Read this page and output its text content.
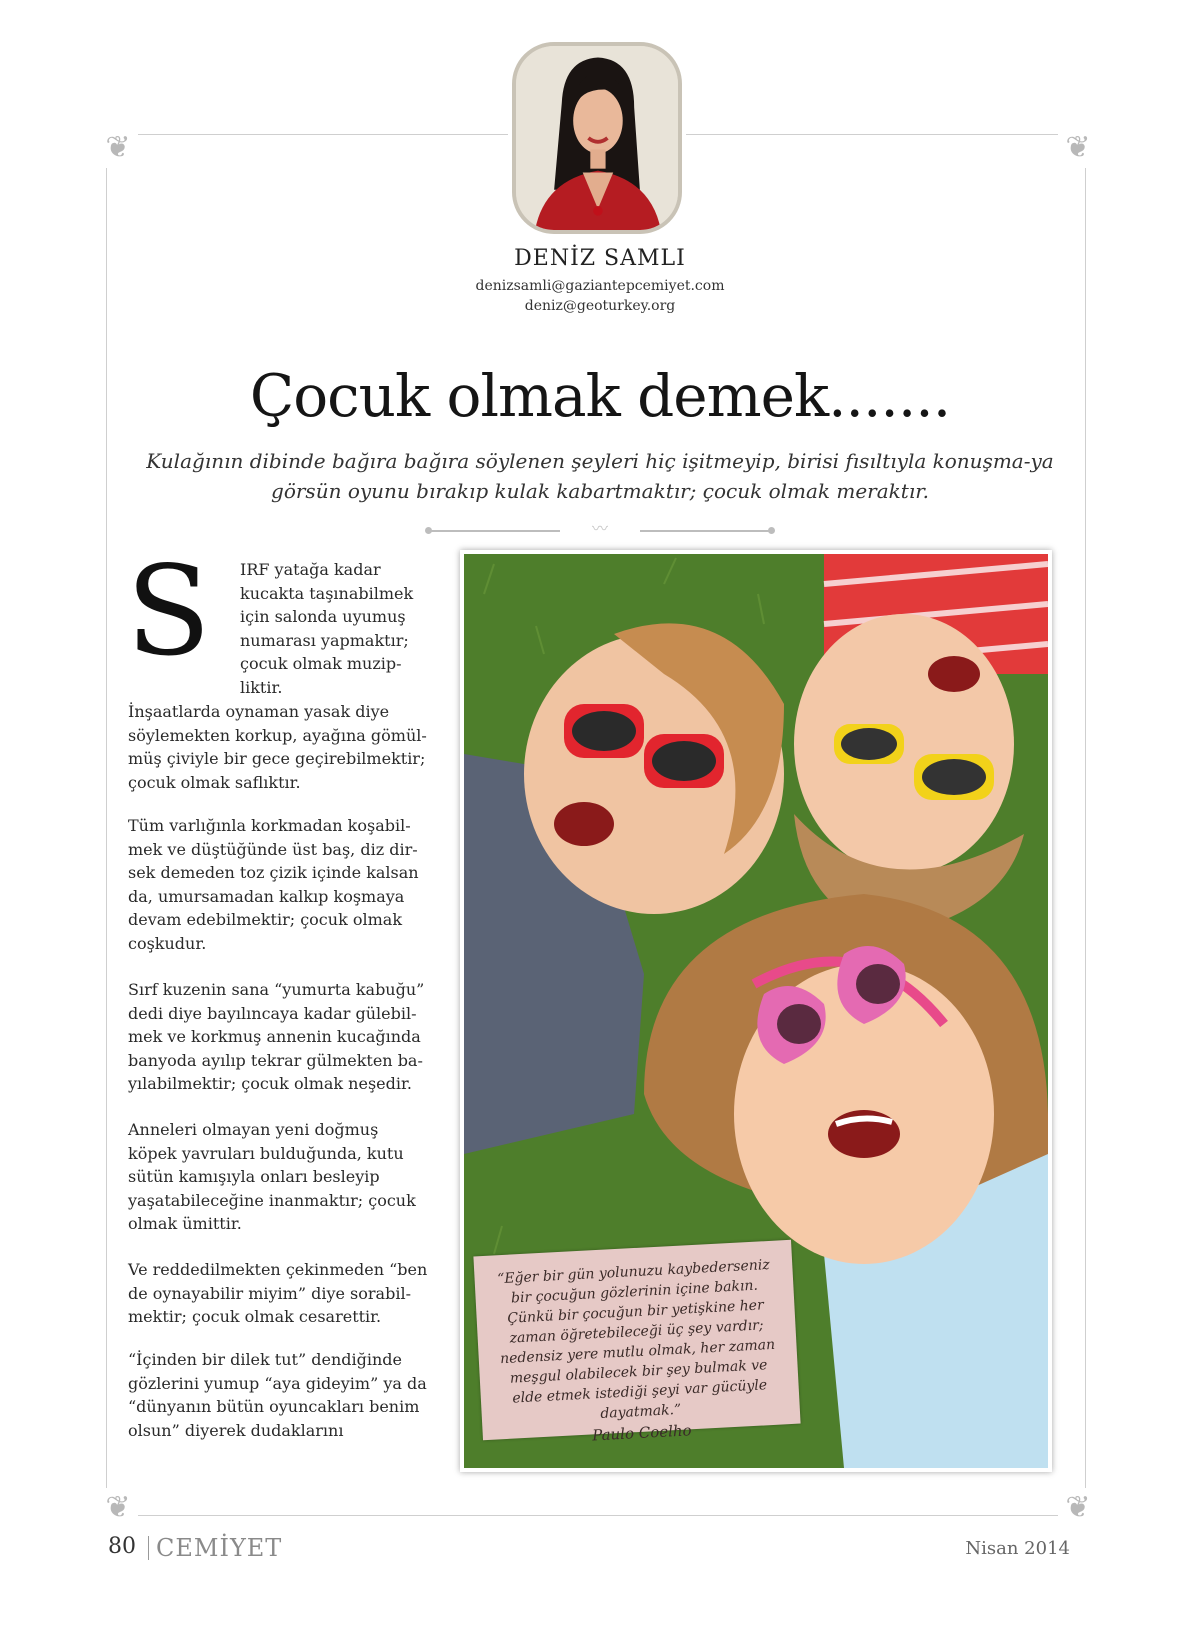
❦	❦
❦	❦
DENİZ SAMLI
denizsamli@gaziantepcemiyet.com
deniz@geoturkey.org
Çocuk olmak demek.......

Kulağının dibinde bağıra bağıra söylenen şeyleri hiç işitmeyip, birisi fısıltıyla konuşma-ya görsün oyunu bırakıp kulak kabartmaktır; çocuk olmak meraktır.

〰
S IRF yatağa kadar kucakta taşınabilmek için salonda uyumuş numarası yapmaktır; çocuk olmak muzip-liktir.

İnşaatlarda oynaman yasak diye söylemekten korkup, ayağına gömül-müş çiviyle bir gece geçirebilmektir; çocuk olmak saflıktır.

Tüm varlığınla korkmadan koşabil-mek ve düştüğünde üst baş, diz dir-sek demeden toz çizik içinde kalsan da, umursamadan kalkıp koşmaya devam edebilmektir; çocuk olmak coşkudur.

Sırf kuzenin sana “yumurta kabuğu” dedi diye bayılıncaya kadar gülebil-mek ve korkmuş annenin kucağında banyoda ayılıp tekrar gülmekten ba-yılabilmektir; çocuk olmak neşedir.

Anneleri olmayan yeni doğmuş köpek yavruları bulduğunda, kutu sütün kamışıyla onları besleyip yaşatabileceğine inanmaktır; çocuk olmak ümittir.

Ve reddedilmekten çekinmeden “ben de oynayabilir miyim” diye sorabil-mektir; çocuk olmak cesarettir.

“İçinden bir dilek tut” dendiğinde gözlerini yumup “aya gideyim” ya da “dünyanın bütün oyuncakları benim olsun” diyerek dudaklarını

“Eğer bir gün yolunuzu kaybederseniz bir çocuğun gözlerinin içine bakın. Çünkü bir çocuğun bir yetişkine her zaman öğretebileceği üç şey vardır; nedensiz yere mutlu olmak, her zaman meşgul olabilecek bir şey bulmak ve elde etmek istediği şeyi var gücüyle dayatmak.”

Paulo Coelho

80 CEMİYET	Nisan 2014
